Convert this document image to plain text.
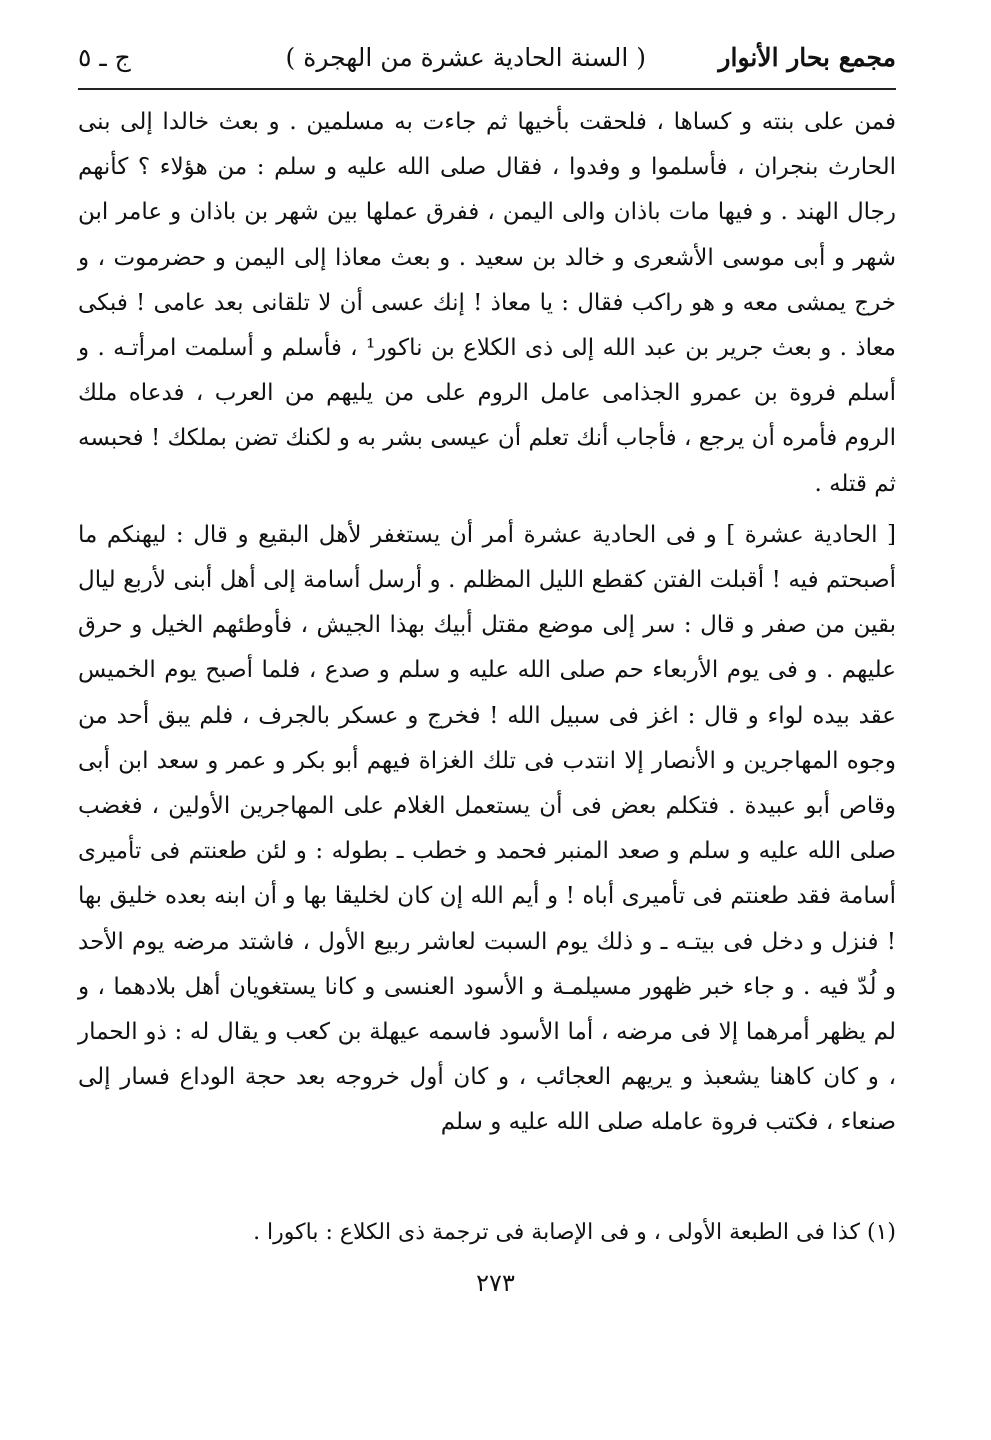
مجمع بحار الأنوار
( السنة الحادية عشرة من الهجرة )
ج ـ ٥

فمن على بنته و كساها ، فلحقت بأخيها ثم جاءت به مسلمين . و بعث خالدا إلى بنى الحارث بنجران ، فأسلموا و وفدوا ، فقال صلى الله عليه و سلم : من هؤلاء ؟ كأنهم رجال الهند . و فيها مات باذان والى اليمن ، ففرق عملها بين شهر بن باذان و عامر ابن شهر و أبى موسى الأشعرى و خالد بن سعيد . و بعث معاذا إلى اليمن و حضرموت ، و خرج يمشى معه و هو راكب فقال : يا معاذ ! إنك عسى أن لا تلقانى بعد عامى ! فبكى معاذ . و بعث جرير بن عبد الله إلى ذى الكلاع بن ناكور¹ ، فأسلم و أسلمت امرأتـه . و أسلم فروة بن عمرو الجذامى عامل الروم على من يليهم من العرب ، فدعاه ملك الروم فأمره أن يرجع ، فأجاب أنك تعلم أن عيسى بشر به و لكنك تضن بملكك ! فحبسه ثم قتله .

[ الحادية عشرة ] و فى الحادية عشرة أمر أن يستغفر لأهل البقيع و قال : ليهنكم ما أصبحتم فيه ! أقبلت الفتن كقطع الليل المظلم . و أرسل أسامة إلى أهل أبنى لأربع ليال بقين من صفر و قال : سر إلى موضع مقتل أبيك بهذا الجيش ، فأوطئهم الخيل و حرق عليهم . و فى يوم الأربعاء حم صلى الله عليه و سلم و صدع ، فلما أصبح يوم الخميس عقد بيده لواء و قال : اغز فى سبيل الله ! فخرج و عسكر بالجرف ، فلم يبق أحد من وجوه المهاجرين و الأنصار إلا انتدب فى تلك الغزاة فيهم أبو بكر و عمر و سعد ابن أبى وقاص أبو عبيدة . فتكلم بعض فى أن يستعمل الغلام على المهاجرين الأولين ، فغضب صلى الله عليه و سلم و صعد المنبر فحمد و خطب ـ بطوله : و لئن طعنتم فى تأميرى أسامة فقد طعنتم فى تأميرى أباه ! و أيم الله إن كان لخليقا بها و أن ابنه بعده خليق بها ! فنزل و دخل فى بيتـه ـ و ذلك يوم السبت لعاشر ربيع الأول ، فاشتد مرضه يوم الأحد و لُدّ فيه . و جاء خبر ظهور مسيلمـة و الأسود العنسى و كانا يستغويان أهل بلادهما ، و لم يظهر أمرهما إلا فى مرضه ، أما الأسود فاسمه عيهلة بن كعب و يقال له : ذو الحمار ، و كان كاهنا يشعبذ و يريهم العجائب ، و كان أول خروجه بعد حجة الوداع فسار إلى صنعاء ، فكتب فروة عامله صلى الله عليه و سلم

(١) كذا فى الطبعة الأولى ، و فى الإصابة فى ترجمة ذى الكلاع : باكورا .
٢٧٣
